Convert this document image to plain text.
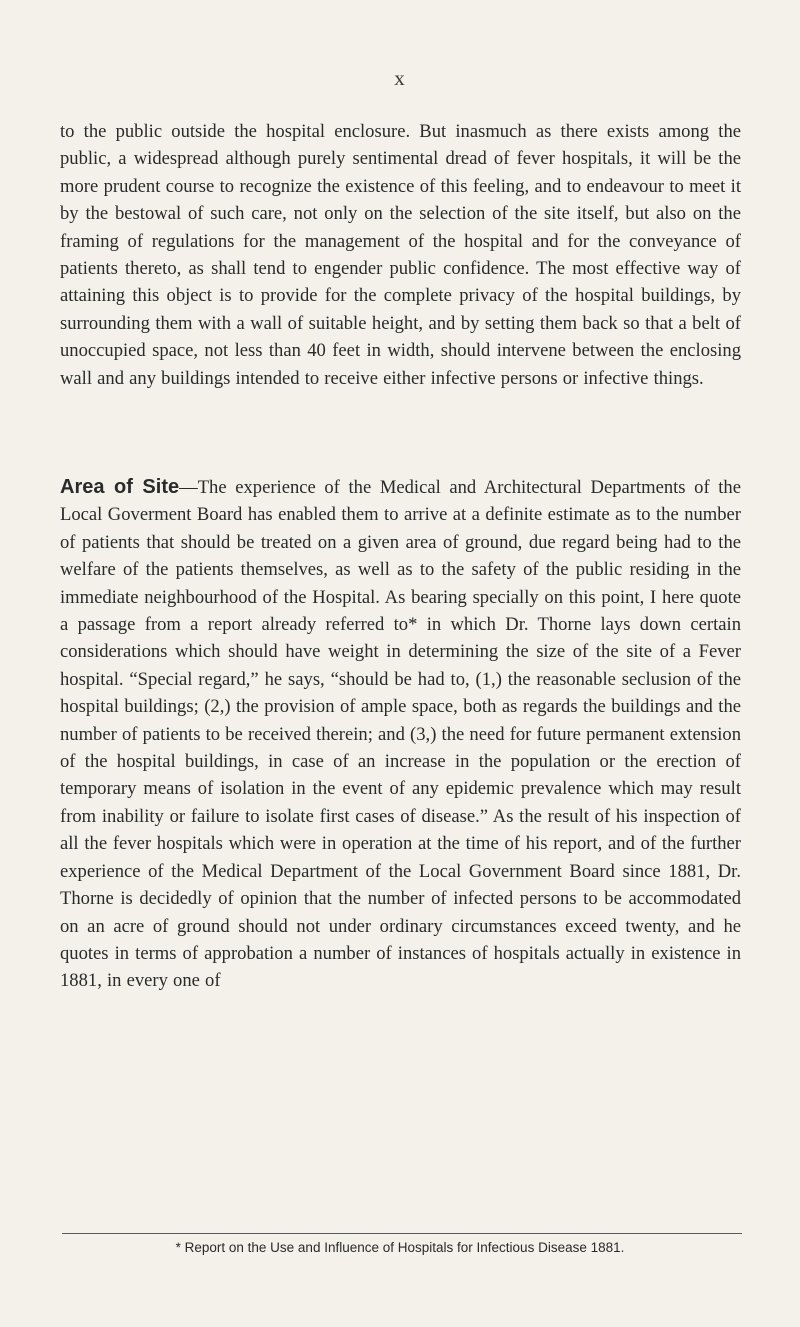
x
to the public outside the hospital enclosure. But inasmuch as there exists among the public, a widespread although purely sentimental dread of fever hospitals, it will be the more prudent course to recognize the existence of this feeling, and to endeavour to meet it by the bestowal of such care, not only on the selection of the site itself, but also on the framing of regulations for the management of the hospital and for the conveyance of patients thereto, as shall tend to engender public confidence. The most effective way of attaining this object is to provide for the complete privacy of the hospital buildings, by surrounding them with a wall of suitable height, and by setting them back so that a belt of unoccupied space, not less than 40 feet in width, should intervene between the enclosing wall and any buildings intended to receive either infective persons or infective things.
Area of Site—The experience of the Medical and Architectural Departments of the Local Goverment Board has enabled them to arrive at a definite estimate as to the number of patients that should be treated on a given area of ground, due regard being had to the welfare of the patients themselves, as well as to the safety of the public residing in the immediate neighbourhood of the Hospital. As bearing specially on this point, I here quote a passage from a report already referred to* in which Dr. Thorne lays down certain considerations which should have weight in determining the size of the site of a Fever hospital. “Special regard,” he says, “should be had to, (1,) the reasonable seclusion of the hospital buildings; (2,) the provision of ample space, both as regards the buildings and the number of patients to be received therein; and (3,) the need for future permanent extension of the hospital buildings, in case of an increase in the population or the erection of temporary means of isolation in the event of any epidemic prevalence which may result from inability or failure to isolate first cases of disease.” As the result of his inspection of all the fever hospitals which were in operation at the time of his report, and of the further experience of the Medical Department of the Local Government Board since 1881, Dr. Thorne is decidedly of opinion that the number of infected persons to be accommodated on an acre of ground should not under ordinary circumstances exceed twenty, and he quotes in terms of approbation a number of instances of hospitals actually in existence in 1881, in every one of
* Report on the Use and Influence of Hospitals for Infectious Disease 1881.
